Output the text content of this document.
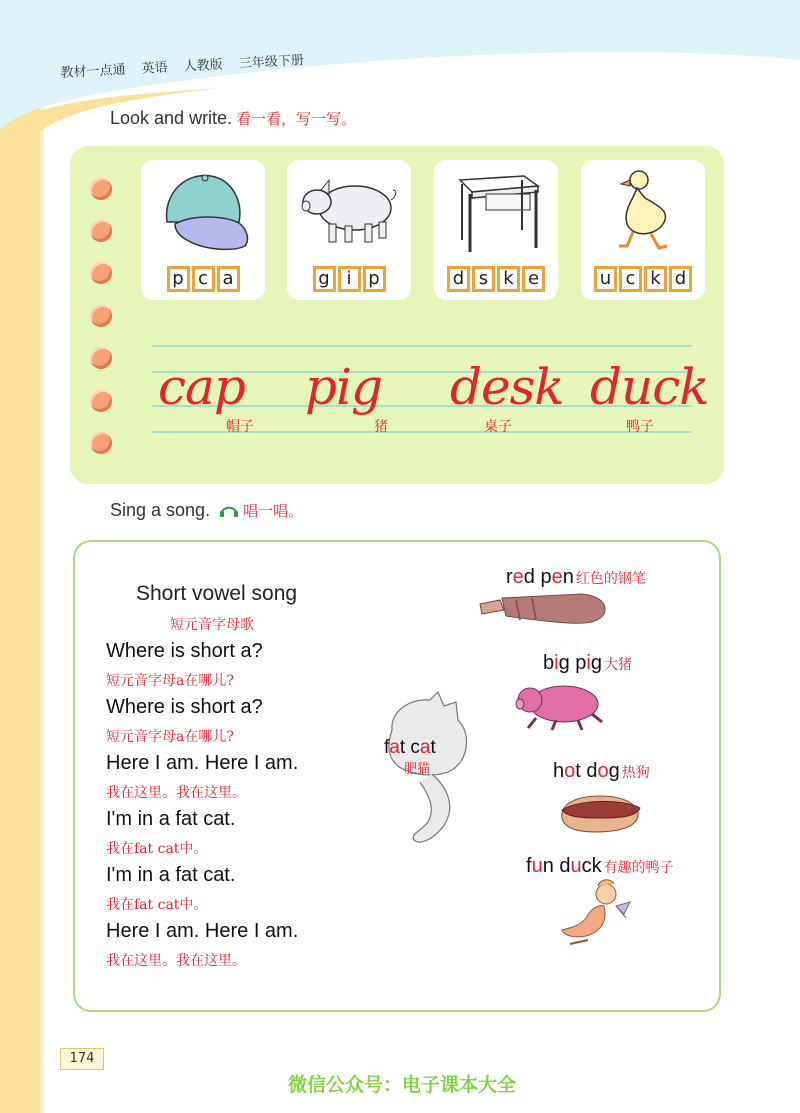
教材一点通 英语 人教版 三年级下册
Look and write. 看一看，写一写。
p c a	g i p	d s k e	u c k d
cap pig desk duck
帽子	猪	桌子	鸭子
Sing a song. 唱一唱。
Short vowel song
短元音字母歌
Where is short a?
短元音字母a在哪儿?
Where is short a?
短元音字母a在哪儿?
Here I am. Here I am.
我在这里。我在这里。
I'm in a fat cat.
我在fat cat中。
I'm in a fat cat.
我在fat cat中。
Here I am. Here I am.
我在这里。我在这里。
fat cat
肥猫
red pen 红色的钢笔
big pig 大猪
hot dog 热狗
fun duck 有趣的鸭子
174
微信公众号：电子课本大全
